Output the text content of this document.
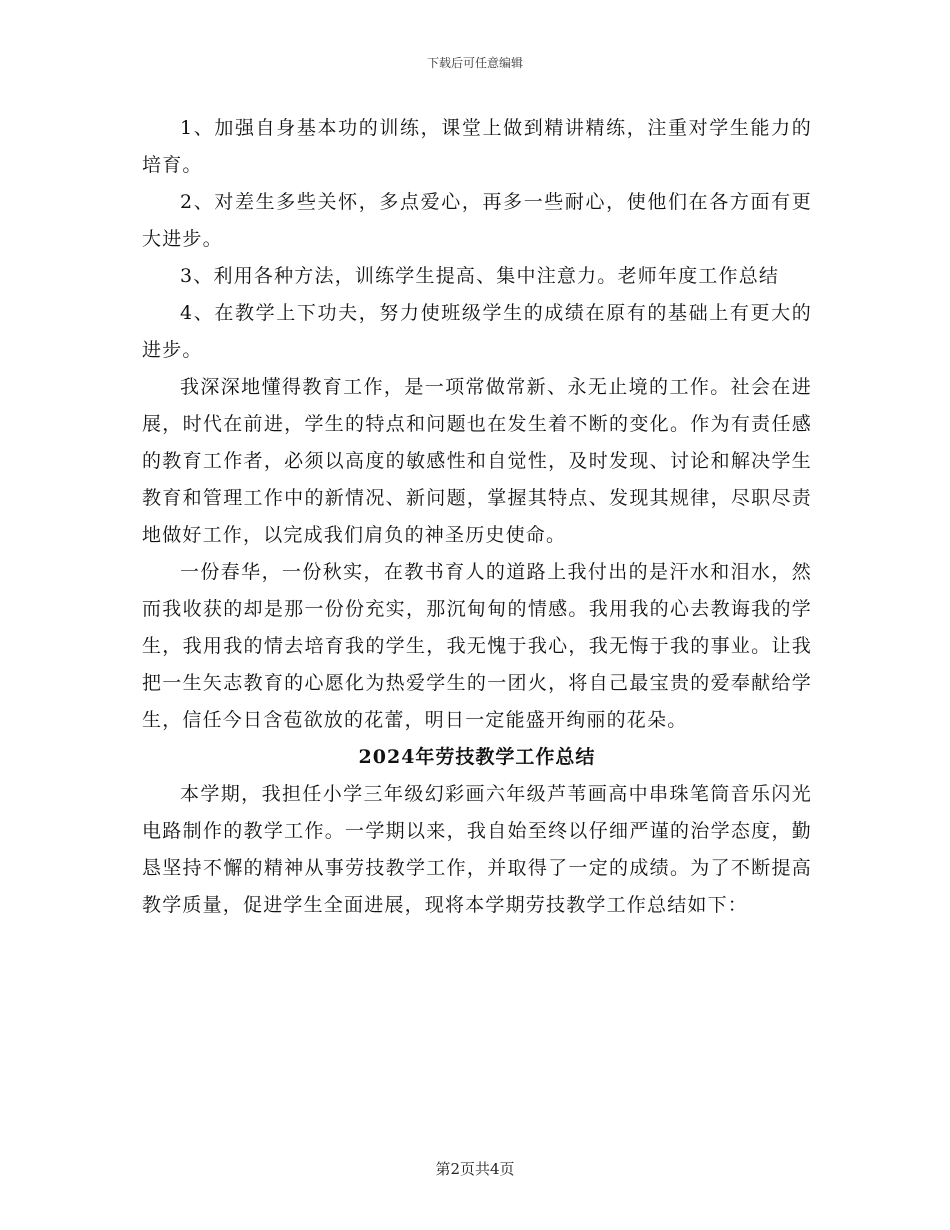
下载后可任意编辑

1、加强自身基本功的训练，课堂上做到精讲精练，注重对学生能力的培育。

2、对差生多些关怀，多点爱心，再多一些耐心，使他们在各方面有更大进步。

3、利用各种方法，训练学生提高、集中注意力。老师年度工作总结

4、在教学上下功夫，努力使班级学生的成绩在原有的基础上有更大的进步。

我深深地懂得教育工作，是一项常做常新、永无止境的工作。社会在进展，时代在前进，学生的特点和问题也在发生着不断的变化。作为有责任感的教育工作者，必须以高度的敏感性和自觉性，及时发现、讨论和解决学生教育和管理工作中的新情况、新问题，掌握其特点、发现其规律，尽职尽责地做好工作，以完成我们肩负的神圣历史使命。

一份春华，一份秋实，在教书育人的道路上我付出的是汗水和泪水，然而我收获的却是那一份份充实，那沉甸甸的情感。我用我的心去教诲我的学生，我用我的情去培育我的学生，我无愧于我心，我无悔于我的事业。让我把一生矢志教育的心愿化为热爱学生的一团火，将自己最宝贵的爱奉献给学生，信任今日含苞欲放的花蕾，明日一定能盛开绚丽的花朵。

2024年劳技教学工作总结

本学期，我担任小学三年级幻彩画六年级芦苇画高中串珠笔筒音乐闪光电路制作的教学工作。一学期以来，我自始至终以仔细严谨的治学态度，勤恳坚持不懈的精神从事劳技教学工作，并取得了一定的成绩。为了不断提高教学质量，促进学生全面进展，现将本学期劳技教学工作总结如下：

第2页共4页
